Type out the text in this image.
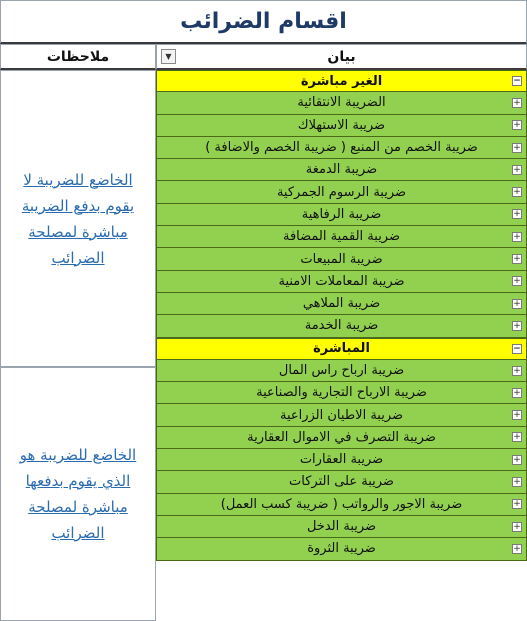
اقسام الضرائب
ملاحظات	▼	بيان
الخاضع للضريبة لا يقوم بدفع الضريبة مباشرة لمصلحة الضرائب
الخاضع للضريبة هو الذي يقوم بدفعها مباشرة لمصلحة الضرائب
الغير مباشرة	−
الضريبة الانتقائية	+
ضريبة الاستهلاك	+
ضريبة الخصم من المنبع ( ضريبة الخصم والاضافة )	+
ضريبة الدمغة	+
ضريبة الرسوم الجمركية	+
ضريبة الرفاهية	+
ضريبة القمية المضافة	+
ضريبة المبيعات	+
ضريبة المعاملات الامنية	+
ضريبة الملاهي	+
ضريبة الخدمة	+
المباشرة	−
ضريبة ارباح راس المال	+
ضريبة الارباح التجارية والصناعية	+
ضريبة الاطيان الزراعية	+
ضريبة التصرف في الاموال العقارية	+
ضريبة العقارات	+
ضريبة على التركات	+
ضريبة الاجور والرواتب ( ضريبة كسب العمل)	+
ضريبة الدخل	+
ضريبة الثروة	+
